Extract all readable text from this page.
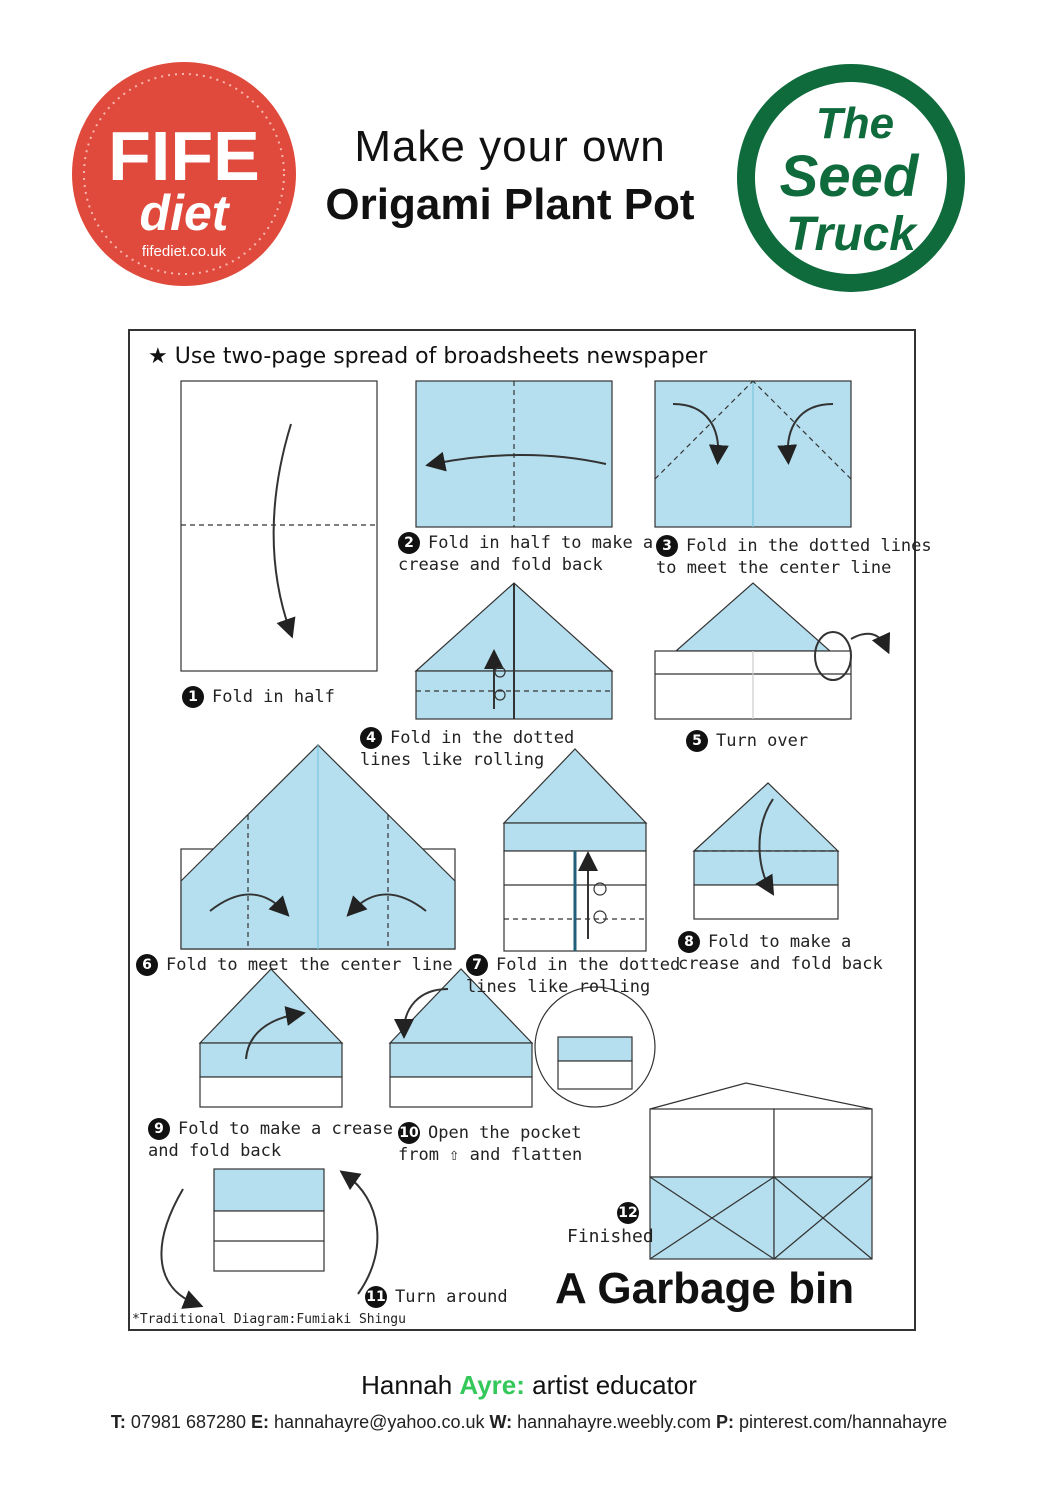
FIFE
diet
fifediet.co.uk
Make your own
Origami Plant Pot
The
Seed
Truck
★ Use two-page spread of broadsheets newspaper
1 Fold in half
2 Fold in half to make a
crease and fold back
3 Fold in the dotted lines
to meet the center line
4 Fold in the dotted
lines like rolling
5 Turn over
6 Fold to meet the center line	7 Fold in the dotted
lines like rolling
8 Fold to make a
crease and fold back
9 Fold to make a crease
and fold back
10 Open the pocket
from ⇧ and flatten
11 Turn around
12
Finished
A Garbage bin
*Traditional Diagram:Fumiaki Shingu
Hannah Ayre: artist educator
T: 07981 687280 E: hannahayre@yahoo.co.uk W: hannahayre.weebly.com P: pinterest.com/hannahayre
